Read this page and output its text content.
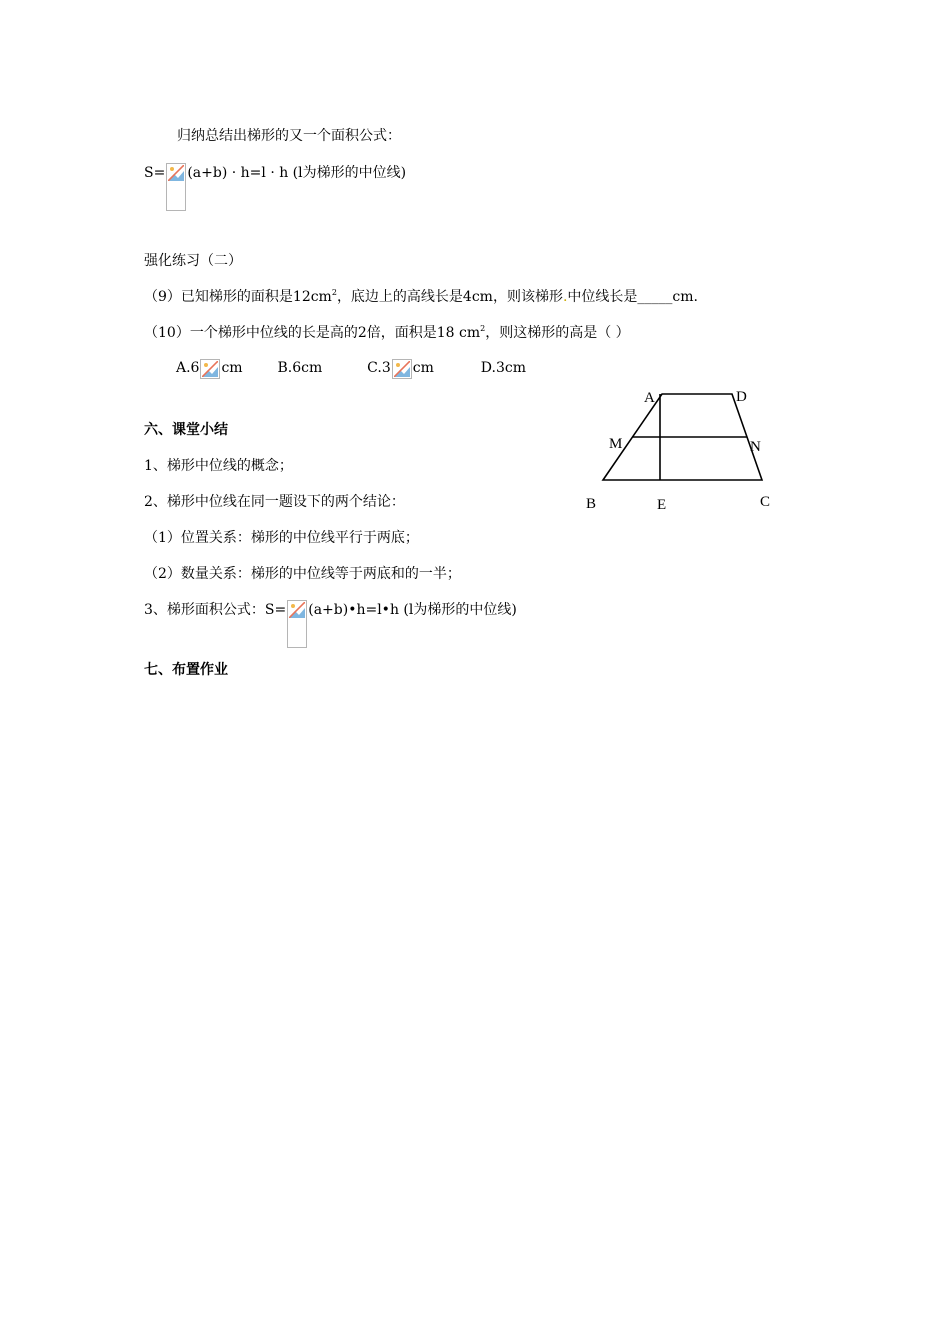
归纳总结出梯形的又一个面积公式：
S= (a+b) · h=l · h (l为梯形的中位线)
强化练习（二）
（9）已知梯形的面积是$12cm^2$，底边上的高线长是4cm，则该梯形.中位线长是_____cm.
（10）一个梯形中位线的长是高的2倍，面积是18 $cm^2$，则这梯形的高是（ ）
A.6 cm B.6cm	C.3 cm	D.3cm
六、课堂小结
1、梯形中位线的概念；
2、梯形中位线在同一题设下的两个结论：
（1）位置关系：梯形的中位线平行于两底；
（2）数量关系：梯形的中位线等于两底和的一半；
3、梯形面积公式：S= (a+b)•h=l•h (l为梯形的中位线)
七、布置作业
A	D
M	N
B	E	C
